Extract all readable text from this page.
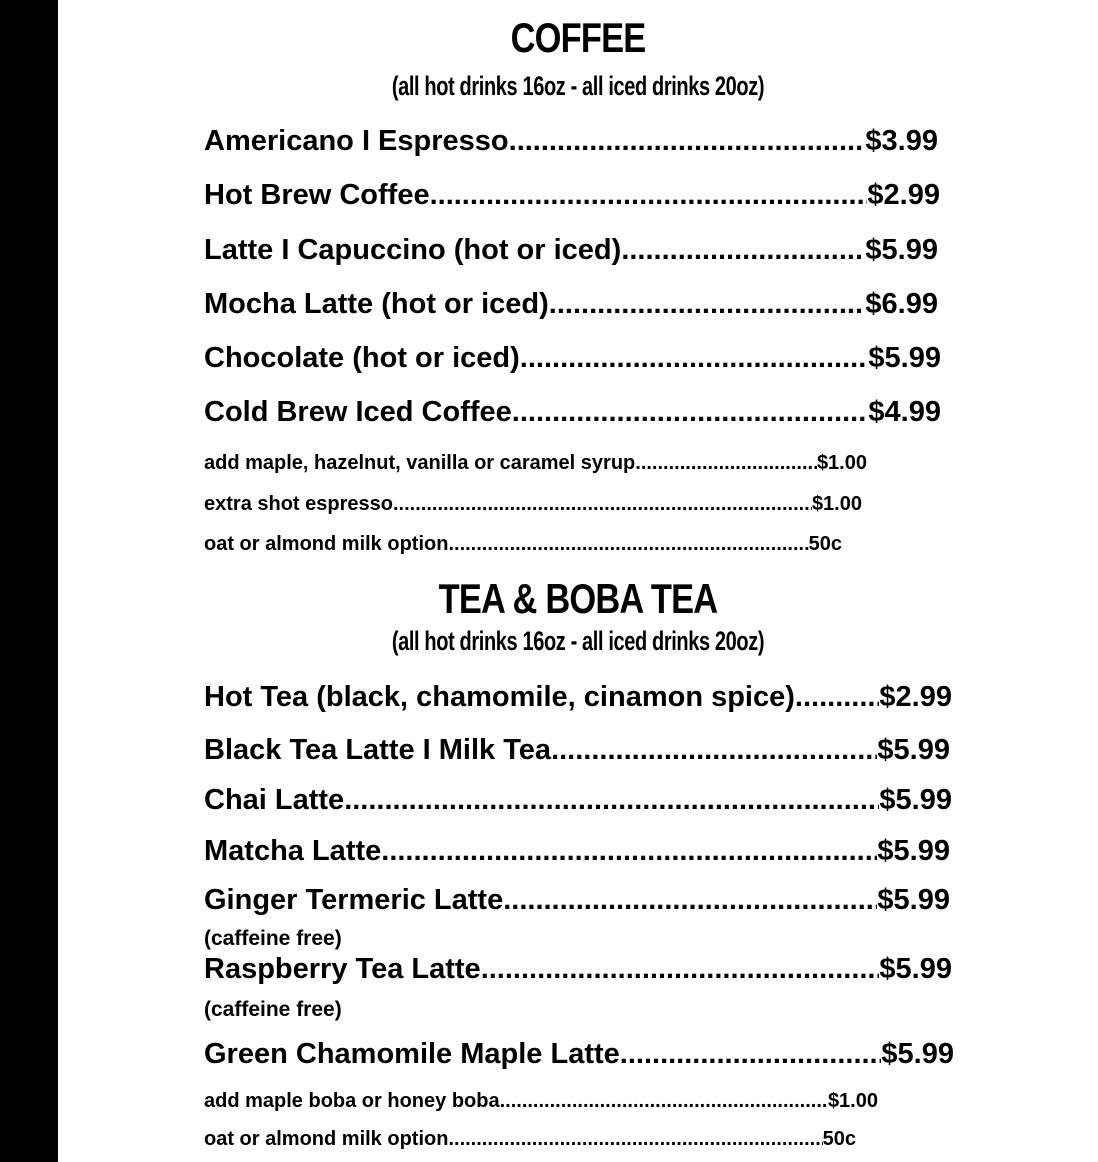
COFFEE
(all hot drinks 16oz - all iced drinks 20oz)
Americano I Espresso .....	$3.99
Hot Brew Coffee .....	$2.99
Latte I Capuccino (hot or iced) .....	$5.99
Mocha Latte (hot or iced) .....	$6.99
Chocolate (hot or iced) .....	$5.99
Cold Brew Iced Coffee .....	$4.99
add maple, hazelnut, vanilla or caramel syrup .....	$1.00
extra shot espresso .....	$1.00
oat or almond milk option .....	50c
TEA & BOBA TEA
(all hot drinks 16oz - all iced drinks 20oz)
Hot Tea (black, chamomile, cinamon spice) .....	$2.99
Black Tea Latte I Milk Tea .....	$5.99
Chai Latte .....	$5.99
Matcha Latte .....	$5.99
Ginger Termeric Latte .....	$5.99
(caffeine free)
Raspberry Tea Latte .....	$5.99
(caffeine free)
Green Chamomile Maple Latte .....	$5.99
add maple boba or honey boba .....	$1.00
oat or almond milk option .....	50c
